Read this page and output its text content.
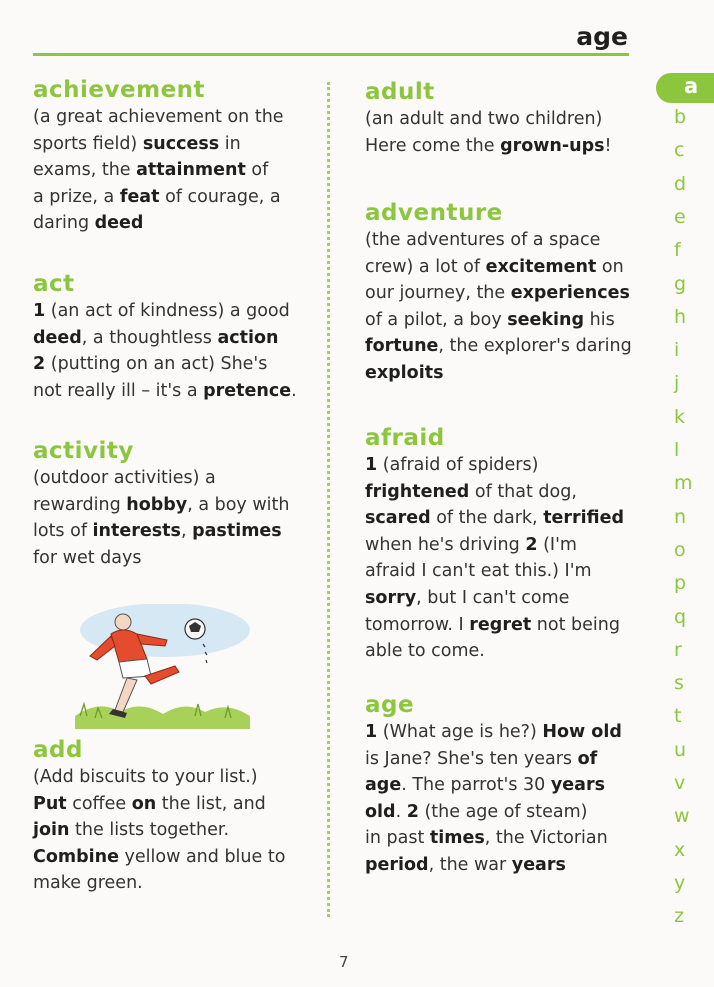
age
a
b
c
d
e
f
g
h
i
j
k
l
m
n
o
p
q
r
s
t
u
v
w
x
y
z
achievement
(a great achievement on the
sports field) success in
exams, the attainment of
a prize, a feat of courage, a
daring deed
act
1 (an act of kindness) a good
deed, a thoughtless action
2 (putting on an act) She's
not really ill – it's a pretence.
activity
(outdoor activities) a
rewarding hobby, a boy with
lots of interests, pastimes
for wet days
add
(Add biscuits to your list.)
Put coffee on the list, and
join the lists together.
Combine yellow and blue to
make green.
adult
(an adult and two children)
Here come the grown-ups!
adventure
(the adventures of a space
crew) a lot of excitement on
our journey, the experiences
of a pilot, a boy seeking his
fortune, the explorer's daring
exploits
afraid
1 (afraid of spiders)
frightened of that dog,
scared of the dark, terrified
when he's driving 2 (I'm
afraid I can't eat this.) I'm
sorry, but I can't come
tomorrow. I regret not being
able to come.
age
1 (What age is he?) How old
is Jane? She's ten years of
age. The parrot's 30 years
old. 2 (the age of steam)
in past times, the Victorian
period, the war years
7
